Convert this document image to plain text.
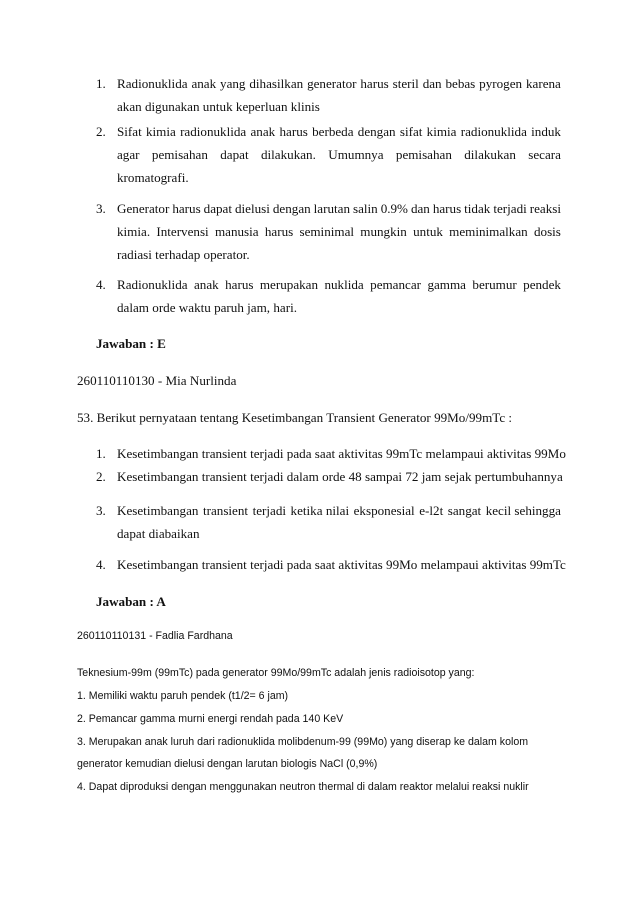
1. Radionuklida anak yang dihasilkan generator harus steril dan bebas pyrogen karena
akan digunakan untuk keperluan klinis
2. Sifat kimia radionuklida anak harus berbeda dengan sifat kimia radionuklida induk
agar pemisahan dapat dilakukan. Umumnya pemisahan dilakukan secara
kromatografi.
3. Generator harus dapat dielusi dengan larutan salin 0.9% dan harus tidak terjadi reaksi
kimia. Intervensi manusia harus seminimal mungkin untuk meminimalkan dosis
radiasi terhadap operator.
4. Radionuklida anak harus merupakan nuklida pemancar gamma berumur pendek
dalam orde waktu paruh jam, hari.
Jawaban : E
260110110130 - Mia Nurlinda
53. Berikut pernyataan tentang Kesetimbangan Transient Generator 99Mo/99mTc :
1. Kesetimbangan transient terjadi pada saat aktivitas 99mTc melampaui aktivitas 99Mo
2. Kesetimbangan transient terjadi dalam orde 48 sampai 72 jam sejak pertumbuhannya
3. Kesetimbangan transient terjadi ketika nilai eksponesial e-l2t sangat kecil sehingga
dapat diabaikan
4. Kesetimbangan transient terjadi pada saat aktivitas 99Mo melampaui aktivitas 99mTc
Jawaban : A
260110110131 - Fadlia Fardhana
Teknesium-99m (99mTc) pada generator 99Mo/99mTc adalah jenis radioisotop yang:
1. Memiliki waktu paruh pendek (t1/2= 6 jam)
2. Pemancar gamma murni energi rendah pada 140 KeV
3. Merupakan anak luruh dari radionuklida molibdenum-99 (99Mo) yang diserap ke dalam kolom
generator kemudian dielusi dengan larutan biologis NaCl (0,9%)
4. Dapat diproduksi dengan menggunakan neutron thermal di dalam reaktor melalui reaksi nuklir
